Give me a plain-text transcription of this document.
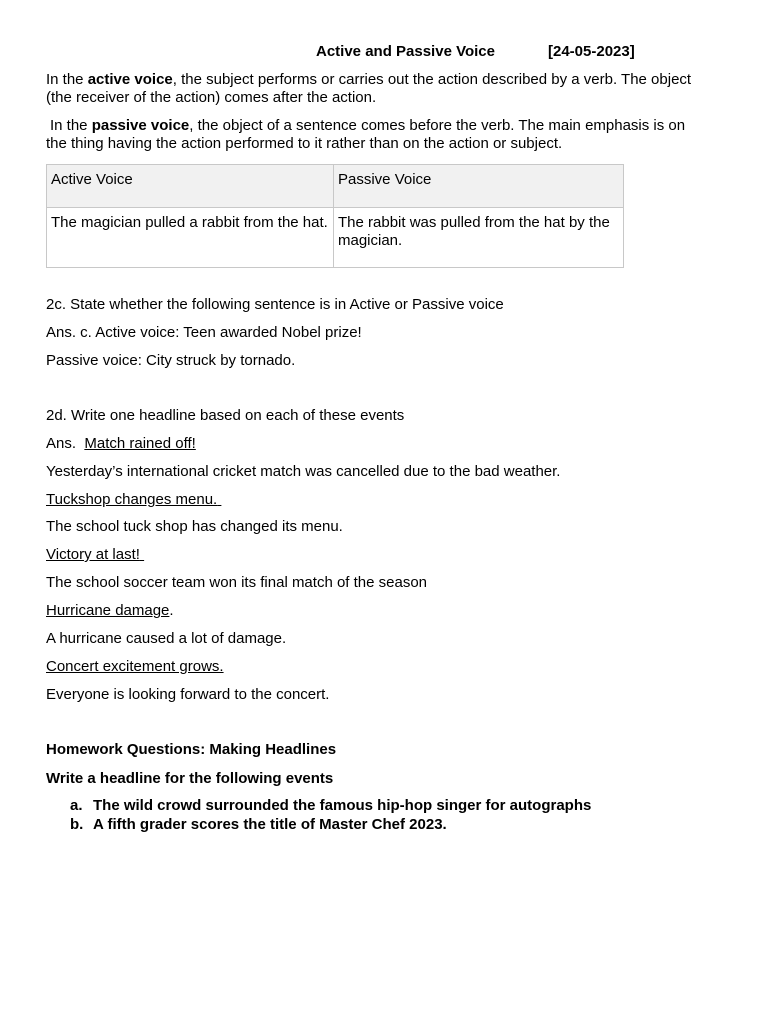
Active and Passive Voice	[24-05-2023]
In the active voice, the subject performs or carries out the action described by a verb. The object
(the receiver of the action) comes after the action.
In the passive voice, the object of a sentence comes before the verb. The main emphasis is on
the thing having the action performed to it rather than on the action or subject.
Active Voice	Passive Voice
The magician pulled a rabbit from the hat.	The rabbit was pulled from the hat by the magician.
2c. State whether the following sentence is in Active or Passive voice
Ans. c. Active voice: Teen awarded Nobel prize!
Passive voice: City struck by tornado.
2d. Write one headline based on each of these events
Ans. Match rained off!
Yesterday’s international cricket match was cancelled due to the bad weather.
Tuckshop changes menu.
The school tuck shop has changed its menu.
Victory at last!
The school soccer team won its final match of the season
Hurricane damage.
A hurricane caused a lot of damage.
Concert excitement grows.
Everyone is looking forward to the concert.
Homework Questions: Making Headlines
Write a headline for the following events
a. The wild crowd surrounded the famous hip-hop singer for autographs
b. A fifth grader scores the title of Master Chef 2023.
